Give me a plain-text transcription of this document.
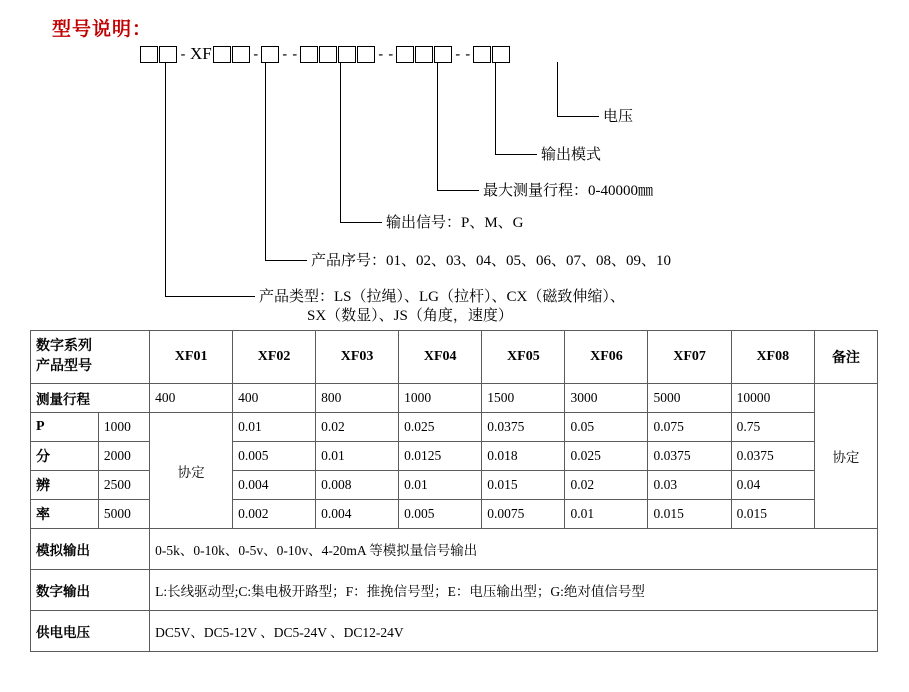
型号说明：
- XF	- - -	- -	- -
电压
输出模式
最大测量行程：0-40000㎜
输出信号：P、M、G
产品序号：01、02、03、04、05、06、07、08、09、10
产品类型：LS（拉绳）、LG（拉杆）、CX（磁致伸缩）、
SX（数显）、JS（角度，速度）
数字系列
产品型号		XF01	XF02	XF03	XF04	XF05	XF06	XF07	XF08	备注
测量行程		400	400	800	1000	1500	3000	5000	10000	协定
P	1000	协定	0.01	0.02	0.025	0.0375	0.05	0.075	0.75	
分	2000		0.005	0.01	0.0125	0.018	0.025	0.0375	0.0375	
辨	2500		0.004	0.008	0.01	0.015	0.02	0.03	0.04	
率	5000		0.002	0.004	0.005	0.0075	0.01	0.015	0.015	
模拟输出		0-5k、0-10k、0-5v、0-10v、4-20mA 等模拟量信号输出								
数字输出		L:长线驱动型;C:集电极开路型；F：推挽信号型；E：电压输出型；G:绝对值信号型								
供电电压		DC5V、DC5-12V 、DC5-24V 、DC12-24V								
